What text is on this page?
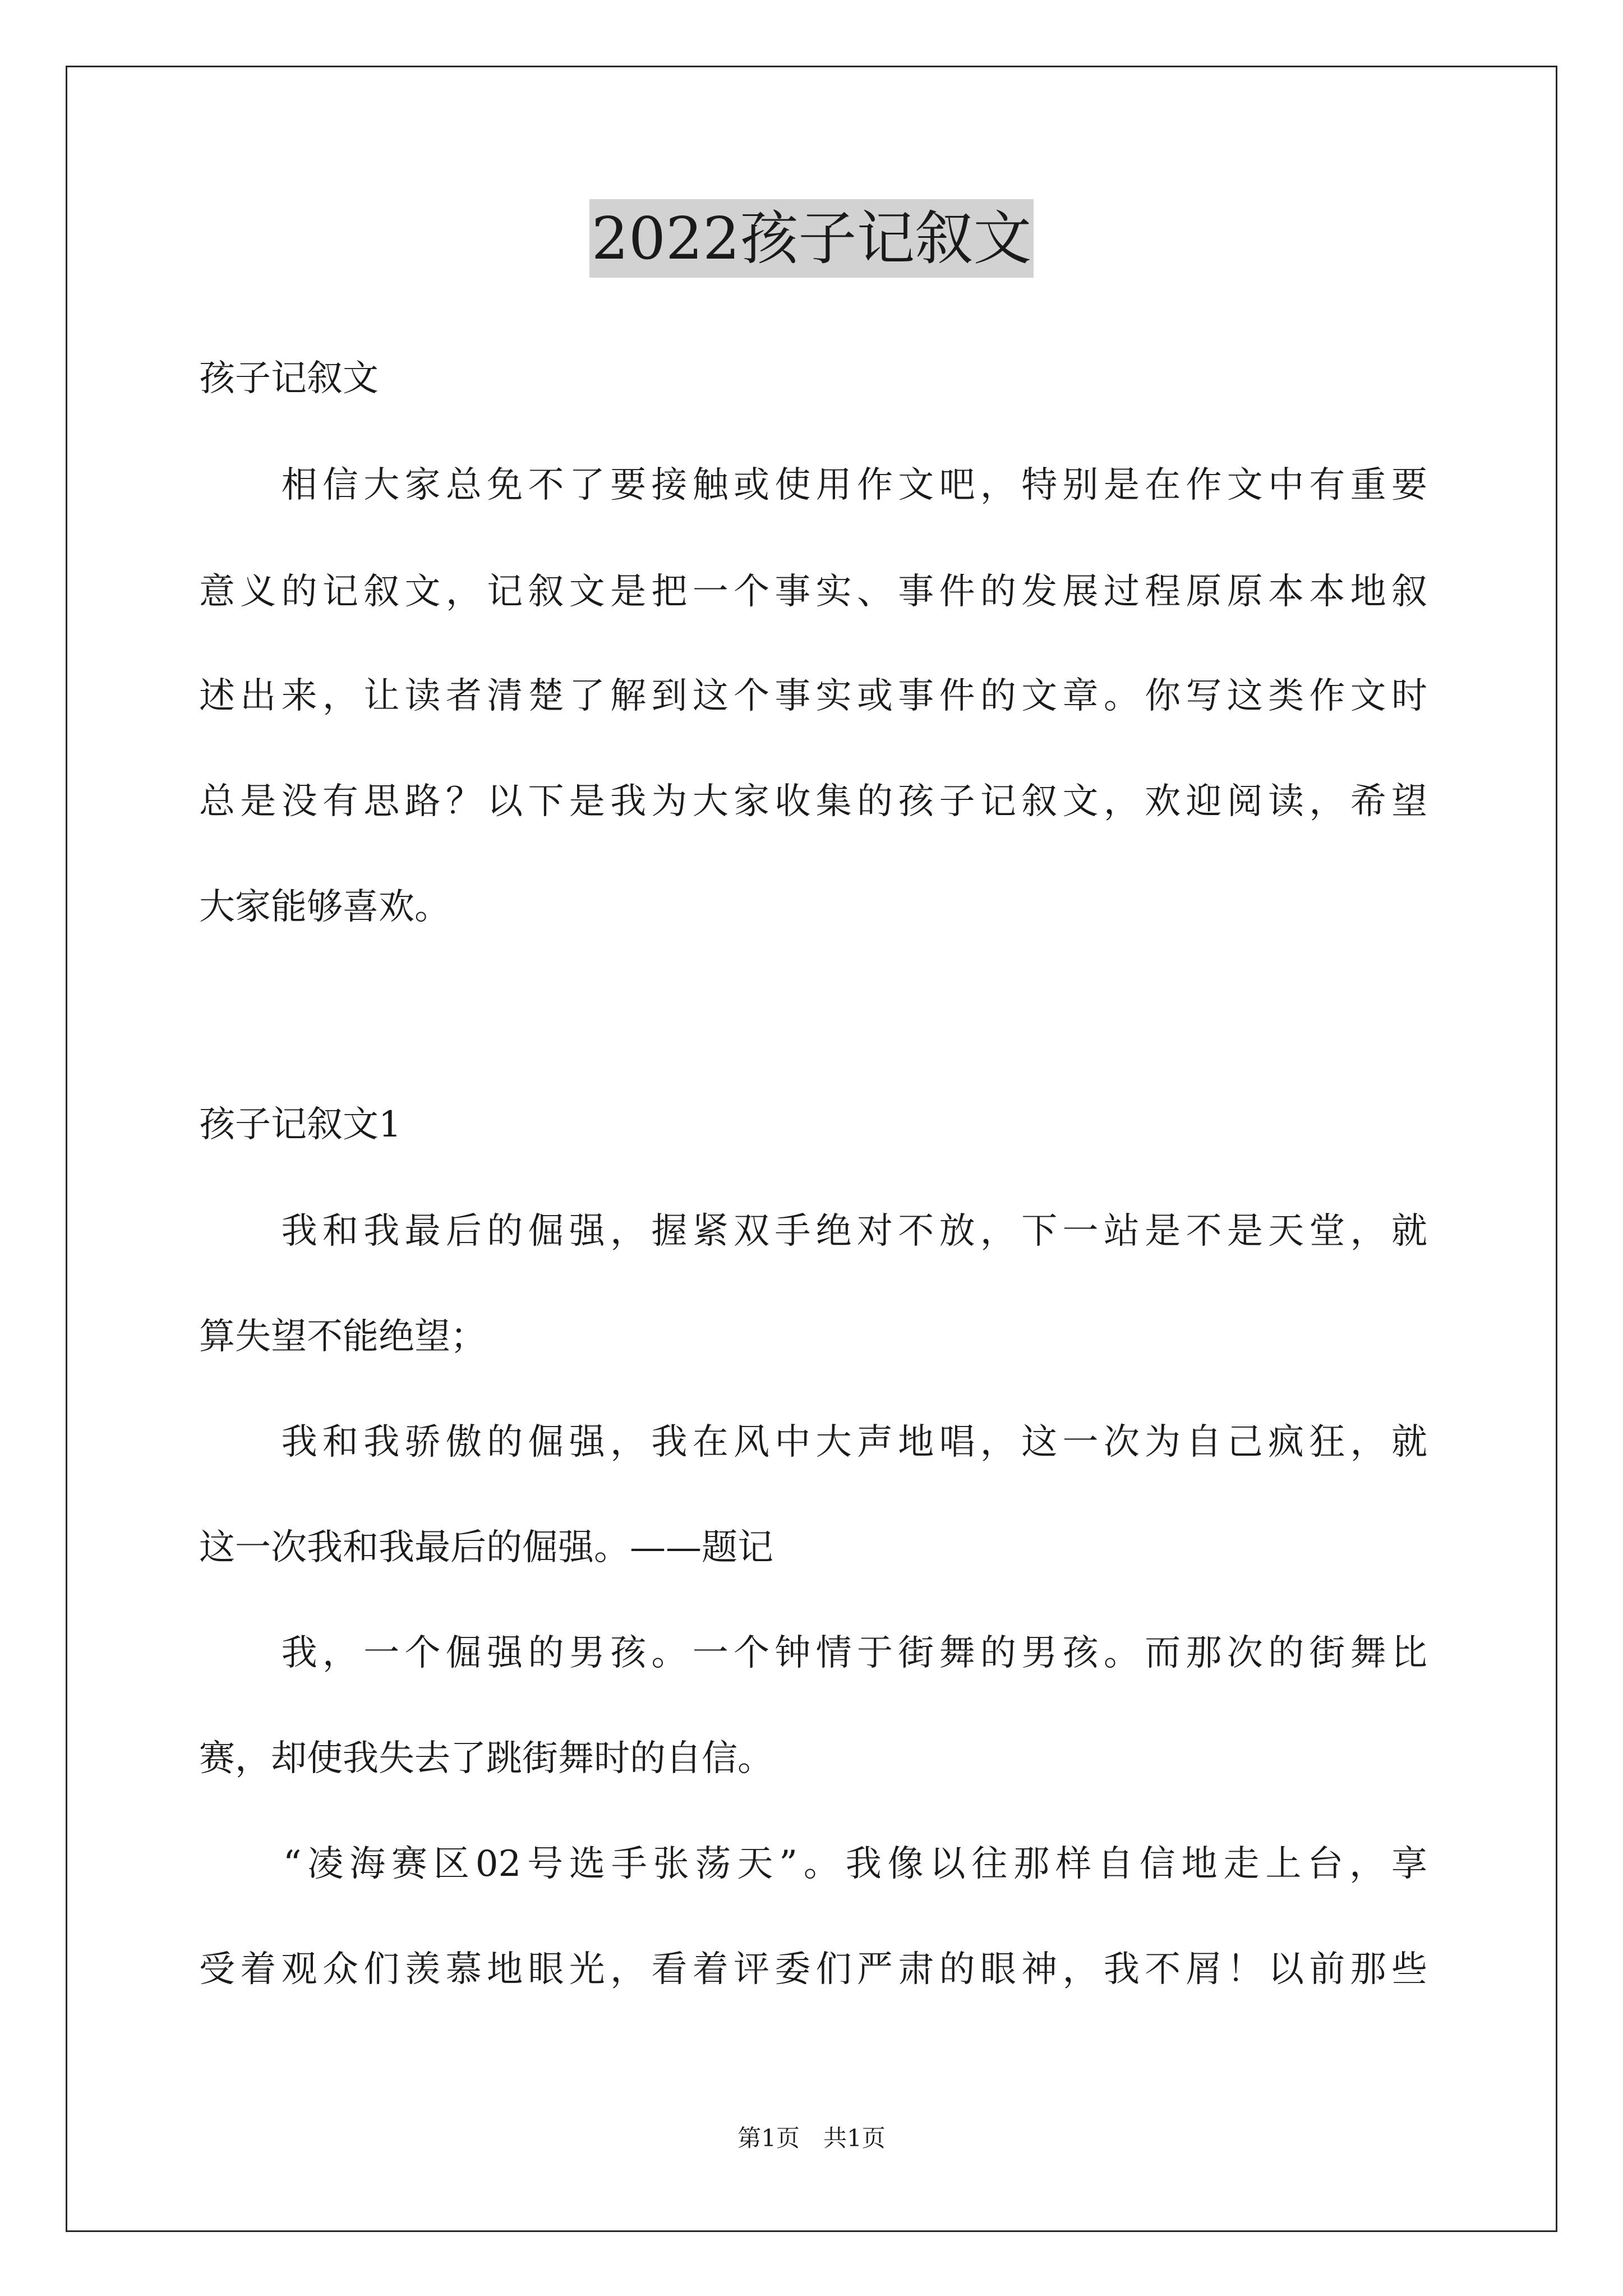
2022孩子记叙文
孩子记叙文
　　相信大家总免不了要接触或使用作文吧，特别是在作文中有重要
意义的记叙文，记叙文是把一个事实、事件的发展过程原原本本地叙
述出来，让读者清楚了解到这个事实或事件的文章。你写这类作文时
总是没有思路？以下是我为大家收集的孩子记叙文，欢迎阅读，希望
大家能够喜欢。
孩子记叙文1
　　我和我最后的倔强，握紧双手绝对不放，下一站是不是天堂，就
算失望不能绝望；
　　我和我骄傲的倔强，我在风中大声地唱，这一次为自己疯狂，就
这一次我和我最后的倔强。——题记
　　我，一个倔强的男孩。一个钟情于街舞的男孩。而那次的街舞比
赛，却使我失去了跳街舞时的自信。
　　“凌海赛区02号选手张荡天”。我像以往那样自信地走上台，享
受着观众们羡慕地眼光，看着评委们严肃的眼神，我不屑！以前那些
第1页　共1页
